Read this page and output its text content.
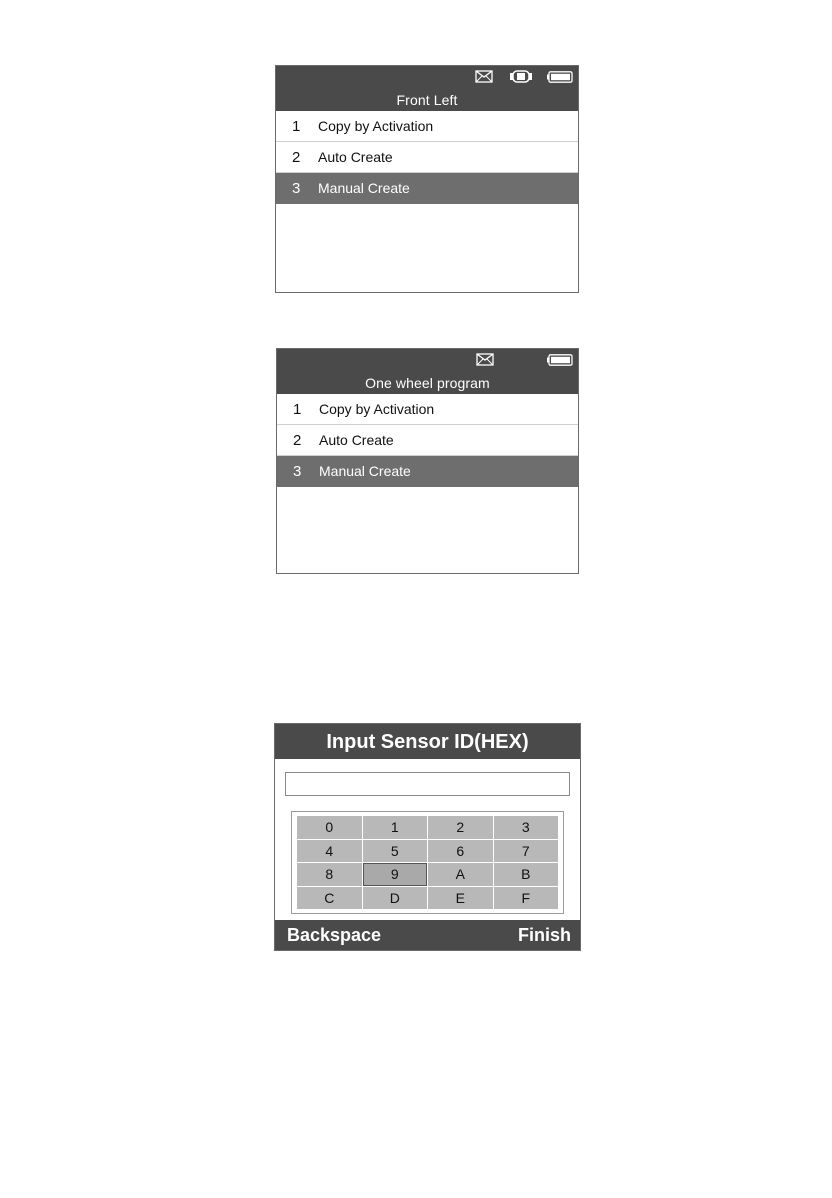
Front Left
1	Copy by Activation
2	Auto Create
3	Manual Create
One wheel program
1	Copy by Activation
2	Auto Create
3	Manual Create
Input Sensor ID(HEX)
0	1	2	3
4	5	6	7
8	9	A	B
C	D	E	F
Backspace	Finish
